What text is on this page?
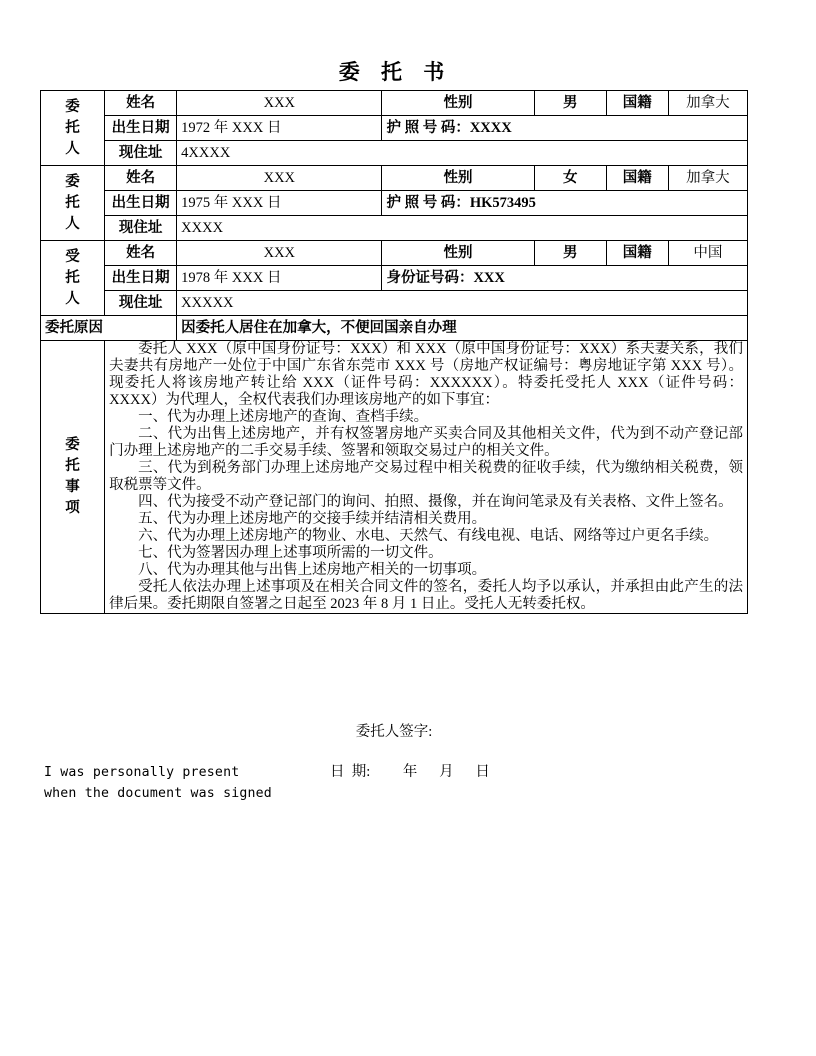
委 托 书
委托人	姓名	XXX	性别	男	国籍	加拿大
	出生日期	1972 年 XXX 日	护 照 号 码：XXXX			
	现住址	4XXXX				
委托人	姓名	XXX	性别	女	国籍	加拿大
	出生日期	1975 年 XXX 日	护 照 号 码：HK573495			
	现住址	XXXX				
受托人	姓名	XXX	性别	男	国籍	中国
	出生日期	1978 年 XXX 日	身份证号码：XXX			
	现住址	XXXXX				
委托原因		因委托人居住在加拿大，不便回国亲自办理				
委托事项	

委托人 XXX（原中国身份证号：XXX）和 XXX（原中国身份证号：XXX）系夫妻关系，我们夫妻共有房地产一处位于中国广东省东莞市 XXX 号（房地产权证编号：粤房地证字第 XXX 号）。现委托人将该房地产转让给 XXX（证件号码：XXXXXX）。特委托受托人 XXX（证件号码：XXXX）为代理人，全权代表我们办理该房地产的如下事宜：

一、代为办理上述房地产的查询、查档手续。

二、代为出售上述房地产，并有权签署房地产买卖合同及其他相关文件，代为到不动产登记部门办理上述房地产的二手交易手续、签署和领取交易过户的相关文件。

三、代为到税务部门办理上述房地产交易过程中相关税费的征收手续，代为缴纳相关税费，领取税票等文件。

四、代为接受不动产登记部门的询问、拍照、摄像，并在询问笔录及有关表格、文件上签名。

五、代为办理上述房地产的交接手续并结清相关费用。

六、代为办理上述房地产的物业、水电、天然气、有线电视、电话、网络等过户更名手续。

七、代为签署因办理上述事项所需的一切文件。

八、代为办理其他与出售上述房地产相关的一切事项。

受托人依法办理上述事项及在相关合同文件的签名，委托人均予以承认，并承担由此产生的法律后果。委托期限自签署之日起至 2023 年 8 月 1 日止。受托人无转委托权。

委托人签字:
I was personally present
when the document was signed
日  期:         年      月      日
